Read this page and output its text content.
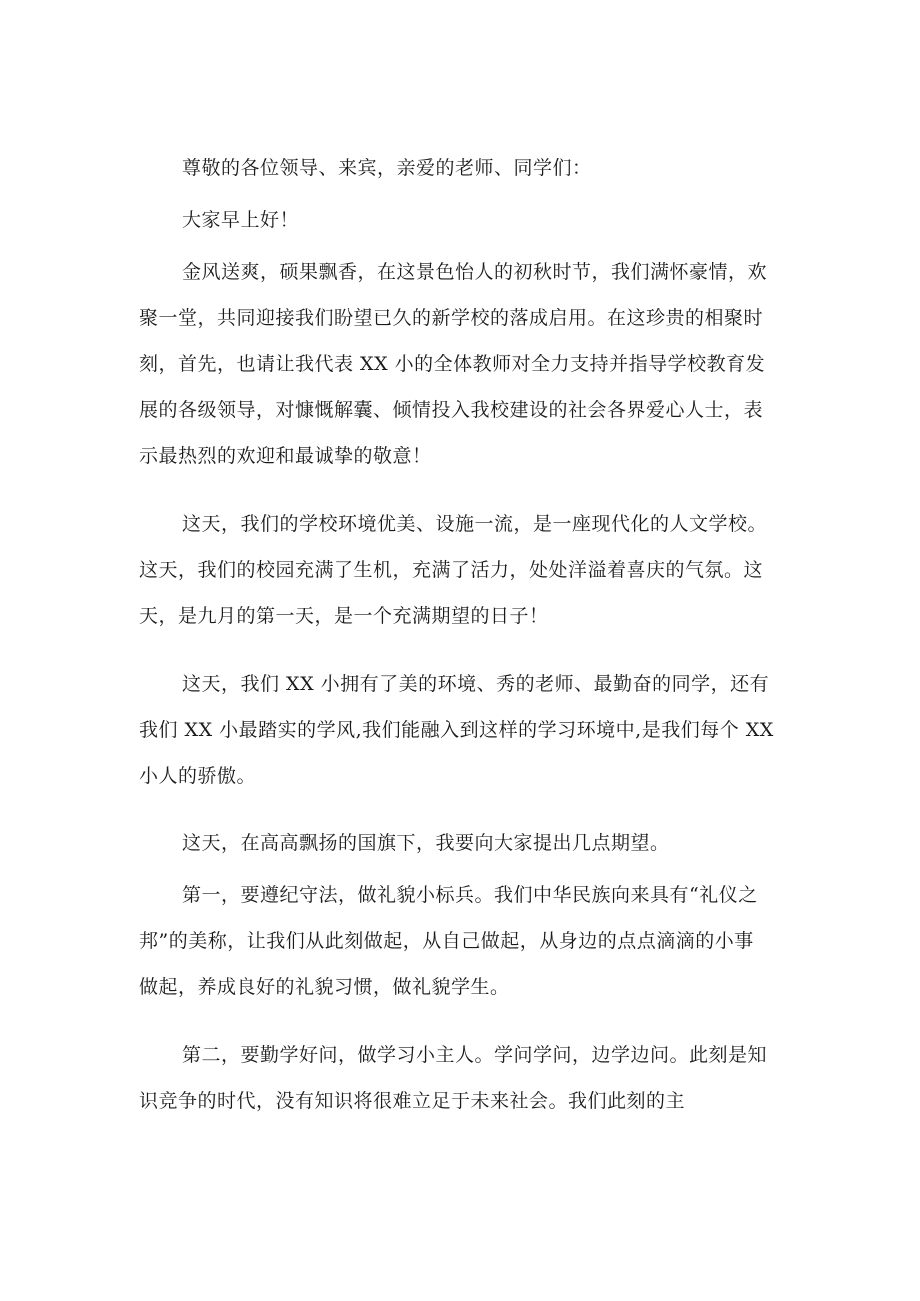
尊敬的各位领导、来宾，亲爱的老师、同学们：
大家早上好！
金风送爽，硕果飘香，在这景色怡人的初秋时节，我们满怀豪情，欢
聚一堂，共同迎接我们盼望已久的新学校的落成启用。在这珍贵的相聚时
刻，首先，也请让我代表 XX 小的全体教师对全力支持并指导学校教育发
展的各级领导，对慷慨解囊、倾情投入我校建设的社会各界爱心人士，表
示最热烈的欢迎和最诚挚的敬意！
这天，我们的学校环境优美、设施一流，是一座现代化的人文学校。
这天，我们的校园充满了生机，充满了活力，处处洋溢着喜庆的气氛。这
天，是九月的第一天，是一个充满期望的日子！
这天，我们 XX 小拥有了美的环境、秀的老师、最勤奋的同学，还有
我们 XX 小最踏实的学风,我们能融入到这样的学习环境中,是我们每个 XX
小人的骄傲。
这天，在高高飘扬的国旗下，我要向大家提出几点期望。
第一，要遵纪守法，做礼貌小标兵。我们中华民族向来具有“礼仪之
邦”的美称，让我们从此刻做起，从自己做起，从身边的点点滴滴的小事
做起，养成良好的礼貌习惯，做礼貌学生。
第二，要勤学好问，做学习小主人。学问学问，边学边问。此刻是知
识竞争的时代，没有知识将很难立足于未来社会。我们此刻的主
